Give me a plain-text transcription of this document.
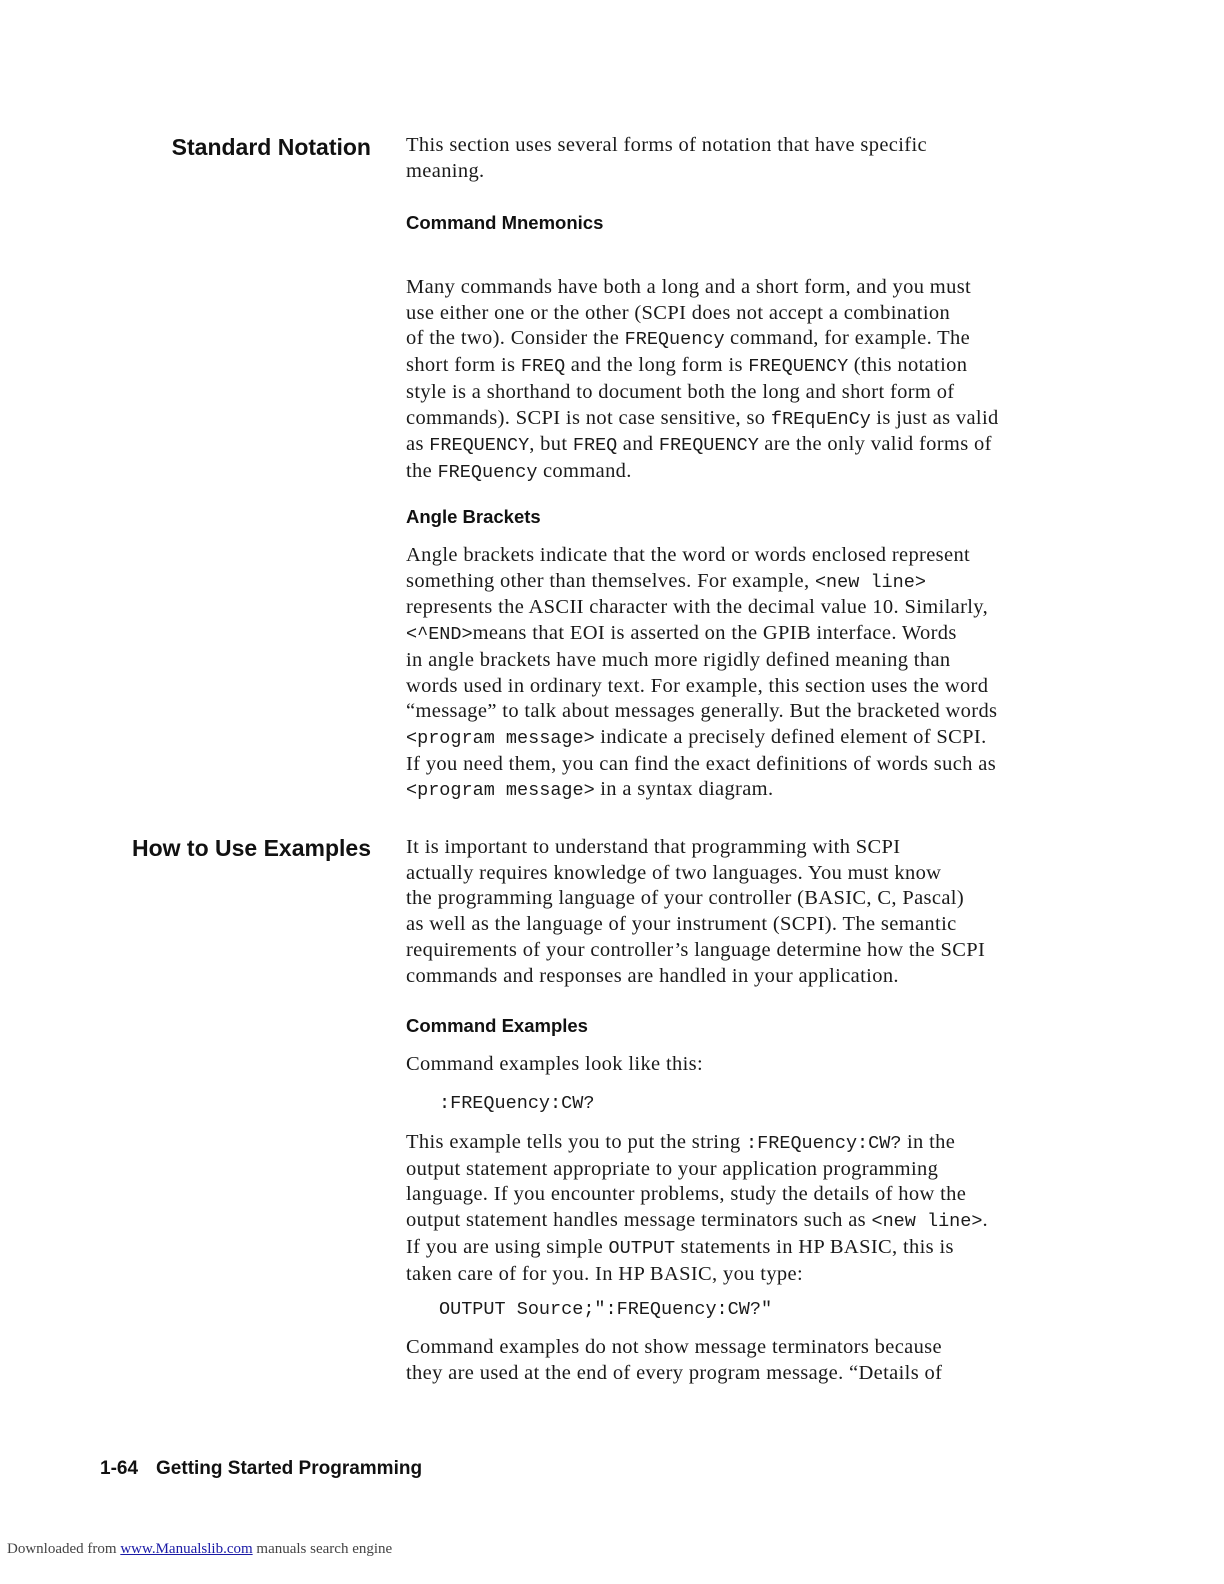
Standard Notation This section uses several forms of notation that have specific
meaning.

Command Mnemonics

Many commands have both a long and a short form, and you must
use either one or the other (SCPI does not accept a combination
of the two). Consider the FREQuency command, for example. The
short form is FREQ and the long form is FREQUENCY (this notation
style is a shorthand to document both the long and short form of
commands). SCPI is not case sensitive, so fREquEnCy is just as valid
as FREQUENCY, but FREQ and FREQUENCY are the only valid forms of
the FREQuency command.

Angle Brackets

Angle brackets indicate that the word or words enclosed represent
something other than themselves. For example, <new line>
represents the ASCII character with the decimal value 10. Similarly,
<^END>means that EOI is asserted on the GPIB interface. Words
in angle brackets have much more rigidly defined meaning than
words used in ordinary text. For example, this section uses the word
“message” to talk about messages generally. But the bracketed words
<program message> indicate a precisely defined element of SCPI.
If you need them, you can find the exact definitions of words such as
<program message> in a syntax diagram.

How to Use Examples It is important to understand that programming with SCPI
actually requires knowledge of two languages. You must know
the programming language of your controller (BASIC, C, Pascal)
as well as the language of your instrument (SCPI). The semantic
requirements of your controller’s language determine how the SCPI
commands and responses are handled in your application.

Command Examples

Command examples look like this:

:FREQuency:CW?

This example tells you to put the string :FREQuency:CW? in the
output statement appropriate to your application programming
language. If you encounter problems, study the details of how the
output statement handles message terminators such as <new line>.
If you are using simple OUTPUT statements in HP BASIC, this is
taken care of for you. In HP BASIC, you type:

OUTPUT Source;":FREQuency:CW?"

Command examples do not show message terminators because
they are used at the end of every program message. “Details of

1-64 Getting Started Programming
Downloaded from www.Manualslib.com manuals search engine
